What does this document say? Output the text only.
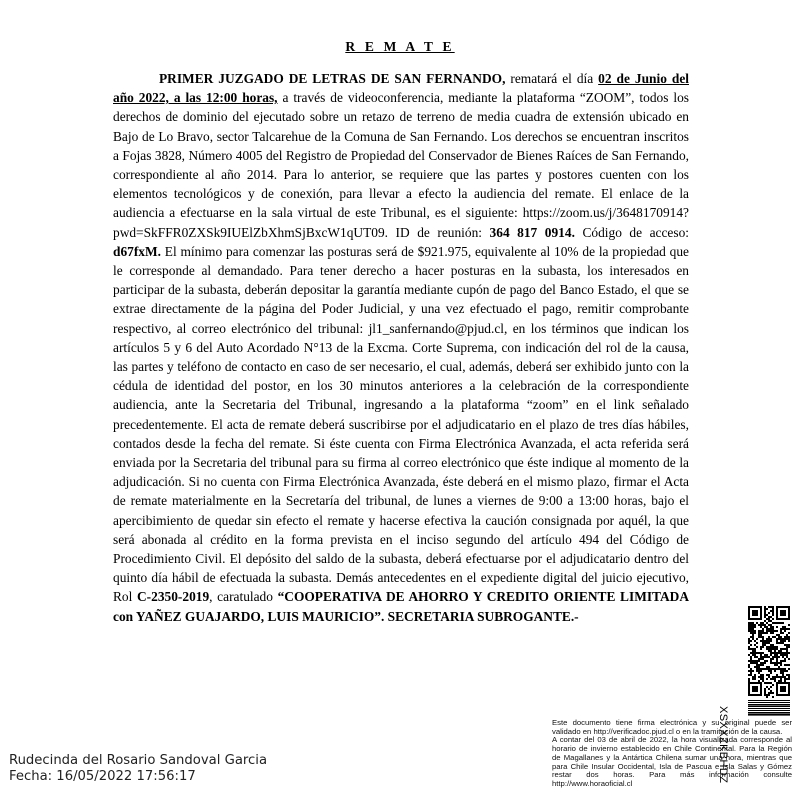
R E M A T E

PRIMER JUZGADO DE LETRAS DE SAN FERNANDO, rematará el día 02 de Junio del año 2022, a las 12:00 horas, a través de videoconferencia, mediante la plataforma “ZOOM”, todos los derechos de dominio del ejecutado sobre un retazo de terreno de media cuadra de extensión ubicado en Bajo de Lo Bravo, sector Talcarehue de la Comuna de San Fernando. Los derechos se encuentran inscritos a Fojas 3828, Número 4005 del Registro de Propiedad del Conservador de Bienes Raíces de San Fernando, correspondiente al año 2014. Para lo anterior, se requiere que las partes y postores cuenten con los elementos tecnológicos y de conexión, para llevar a efecto la audiencia del remate. El enlace de la audiencia a efectuarse en la sala virtual de este Tribunal, es el siguiente: https://zoom.us/j/3648170914?pwd=SkFFR0ZXSk9IUElZbXhmSjBxcW1qUT09. ID de reunión: 364 817 0914. Código de acceso: d67fxM. El mínimo para comenzar las posturas será de $921.975, equivalente al 10% de la propiedad que le corresponde al demandado. Para tener derecho a hacer posturas en la subasta, los interesados en participar de la subasta, deberán depositar la garantía mediante cupón de pago del Banco Estado, el que se extrae directamente de la página del Poder Judicial, y una vez efectuado el pago, remitir comprobante respectivo, al correo electrónico del tribunal: jl1_sanfernando@pjud.cl, en los términos que indican los artículos 5 y 6 del Auto Acordado N°13 de la Excma. Corte Suprema, con indicación del rol de la causa, las partes y teléfono de contacto en caso de ser necesario, el cual, además, deberá ser exhibido junto con la cédula de identidad del postor, en los 30 minutos anteriores a la celebración de la correspondiente audiencia, ante la Secretaria del Tribunal, ingresando a la plataforma “zoom” en el link señalado precedentemente. El acta de remate deberá suscribirse por el adjudicatario en el plazo de tres días hábiles, contados desde la fecha del remate. Si éste cuenta con Firma Electrónica Avanzada, el acta referida será enviada por la Secretaria del tribunal para su firma al correo electrónico que éste indique al momento de la adjudicación. Si no cuenta con Firma Electrónica Avanzada, éste deberá en el mismo plazo, firmar el Acta de remate materialmente en la Secretaría del tribunal, de lunes a viernes de 9:00 a 13:00 horas, bajo el apercibimiento de quedar sin efecto el remate y hacerse efectiva la caución consignada por aquél, la que será abonada al crédito en la forma prevista en el inciso segundo del artículo 494 del Código de Procedimiento Civil. El depósito del saldo de la subasta, deberá efectuarse por el adjudicatario dentro del quinto día hábil de efectuada la subasta. Demás antecedentes en el expediente digital del juicio ejecutivo, Rol C-2350-2019, caratulado “COOPERATIVA DE AHORRO Y CREDITO ORIENTE LIMITADA con YAÑEZ GUAJARDO, LUIS MAURICIO”. SECRETARIA SUBROGANTE.-

XSXXZKBHDZ

Este documento tiene firma electrónica y su original puede ser validado en http://verificadoc.pjud.cl o en la tramitación de la causa.

A contar del 03 de abril de 2022, la hora visualizada corresponde al horario de invierno establecido en Chile Continental. Para la Región de Magallanes y la Antártica Chilena sumar una hora, mientras que para Chile Insular Occidental, Isla de Pascua e Isla Salas y Gómez restar dos horas. Para más información consulte http://www.horaoficial.cl

Rudecinda del Rosario Sandoval Garcia
Fecha: 16/05/2022 17:56:17
